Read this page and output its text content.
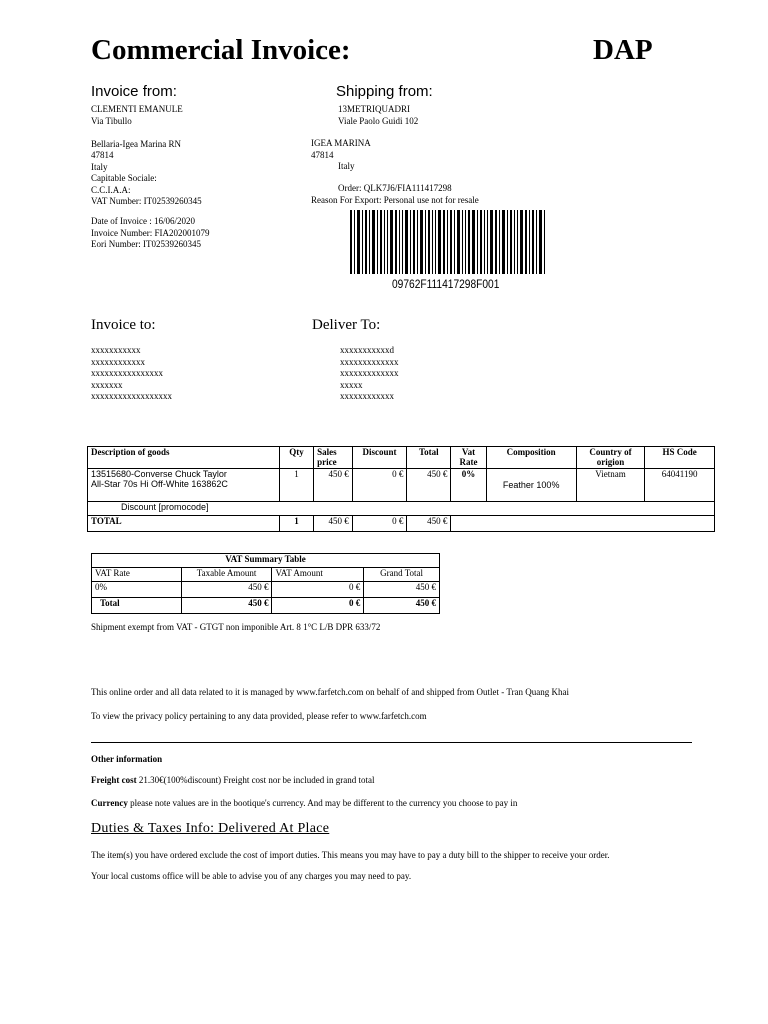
Commercial Invoice:	DAP
Invoice from:
CLEMENTI EMANULE
Via Tibullo
Bellaria-Igea Marina RN
47814
Italy
Capitable Sociale:
C.C.I.A.A:
VAT Number: IT02539260345
Date of Invoice : 16/06/2020
Invoice Number: FIA202001079
Eori Number: IT02539260345
Shipping from:
13METRIQUADRI
Viale Paolo Guidi 102
IGEA MARINA
47814
Italy
Order: QLK7J6/FIA111417298
Reason For Export: Personal use not for resale
09762F111417298F001
Invoice to:
xxxxxxxxxxx
xxxxxxxxxxxx
xxxxxxxxxxxxxxxx
xxxxxxx
xxxxxxxxxxxxxxxxxx
Deliver To:
xxxxxxxxxxxd
xxxxxxxxxxxxx
xxxxxxxxxxxxx
xxxxx
xxxxxxxxxxxx
Description of goods	Qty	Sales price	Discount	Total	Vat Rate	Composition	Country of origion	HS Code

13515680-Converse Chuck Taylor
All-Star 70s Hi Off-White 163862C	1	450 €	0 €	450 €	0%	Feather 100%	Vietnam	64041190
Discount [promocode]								
TOTAL	1	450 €	0 €	450 €				
VAT Summary Table			
VAT Rate	Taxable Amount	VAT Amount	Grand Total
0%	450 €	0 €	450 €
Total	450 €	0 €	450 €
Shipment exempt from VAT - GTGT non imponible Art. 8 1°C L/B DPR 633/72
This online order and all data related to it is managed by www.farfetch.com on behalf of and shipped from Outlet - Tran Quang Khai
To view the privacy policy pertaining to any data provided, please refer to www.farfetch.com
Other information
Freight cost 21.30€(100%discount) Freight cost nor be included in grand total
Currency please note values are in the bootique's currency. And may be different to the currency you choose to pay in
Duties & Taxes Info: Delivered At Place
The item(s) you have ordered exclude the cost of import duties. This means you may have to pay a duty bill to the shipper to receive your order.
Your local customs office will be able to advise you of any charges you may need to pay.
